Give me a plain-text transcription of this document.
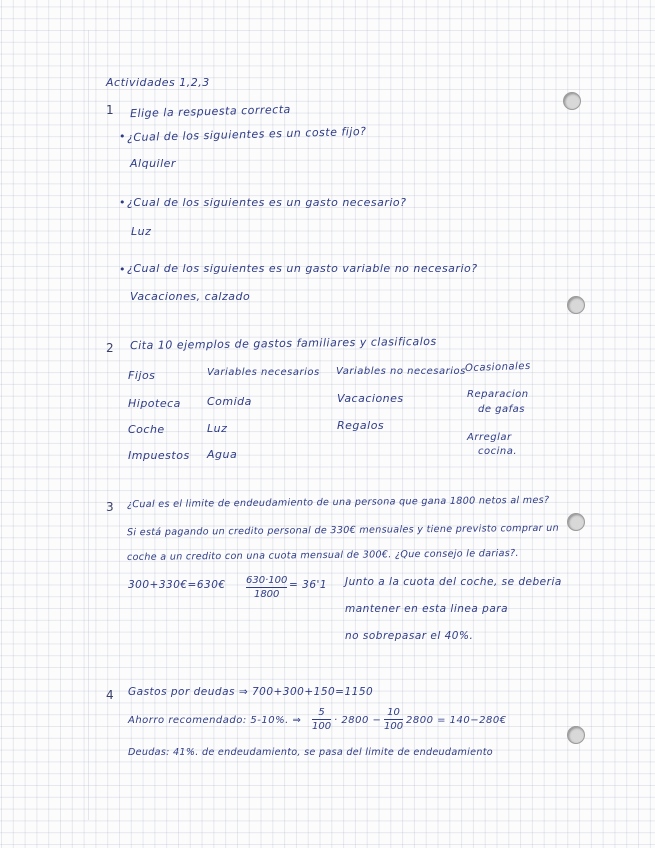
Actividades 1,2,3
1 Elige la respuesta correcta
• ¿Cual de los siguientes es un coste fijo?
Alquiler
• ¿Cual de los siguientes es un gasto necesario?
Luz
• ¿Cual de los siguientes es un gasto variable no necesario?
Vacaciones, calzado
2 Cita 10 ejemplos de gastos familiares y clasificalos
Fijos	Variables necesarios Variables no necesarios
Ocasionales
Hipoteca
Coche
Impuestos
Comida
Luz
Agua
Vacaciones
Regalos
Reparacion
de gafas
Arreglar
cocina.
3 ¿Cual es el limite de endeudamiento de una persona que gana 1800 netos al mes?
Si está pagando un credito personal de 330€ mensuales y tiene previsto comprar un
coche a un credito con una cuota mensual de 300€. ¿Que consejo le darias?.
300+330€=630€ 630·100
1800
= 36'1 Junto a la cuota del coche, se deberia
mantener en esta linea para
no sobrepasar el 40%.
4 Gastos por deudas ⇒ 700+300+150=1150
Ahorro recomendado: 5-10%. ⇒
5
100
· 2800 −
10
100
2800 = 140−280€
Deudas: 41%. de endeudamiento, se pasa del limite de endeudamiento
